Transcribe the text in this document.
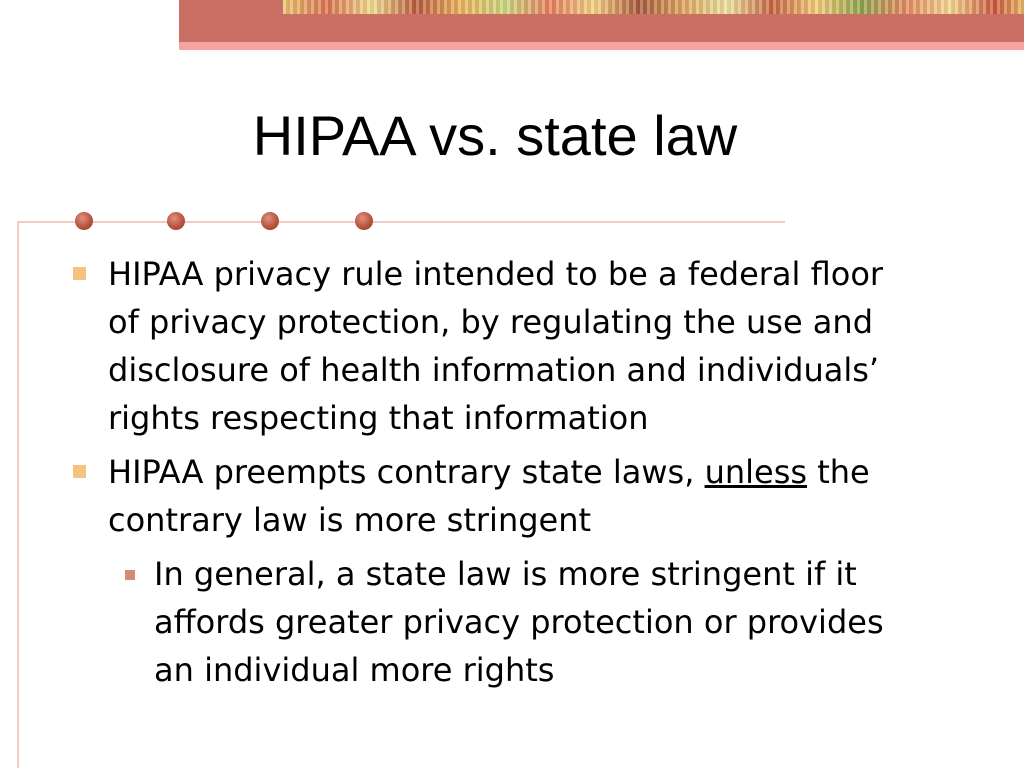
HIPAA vs. state law
HIPAA privacy rule intended to be a federal floor of privacy protection, by regulating the use and disclosure of health information and individuals’ rights respecting that information
HIPAA preempts contrary state laws, unless the contrary law is more stringent
In general, a state law is more stringent if it affords greater privacy protection or provides an individual more rights
